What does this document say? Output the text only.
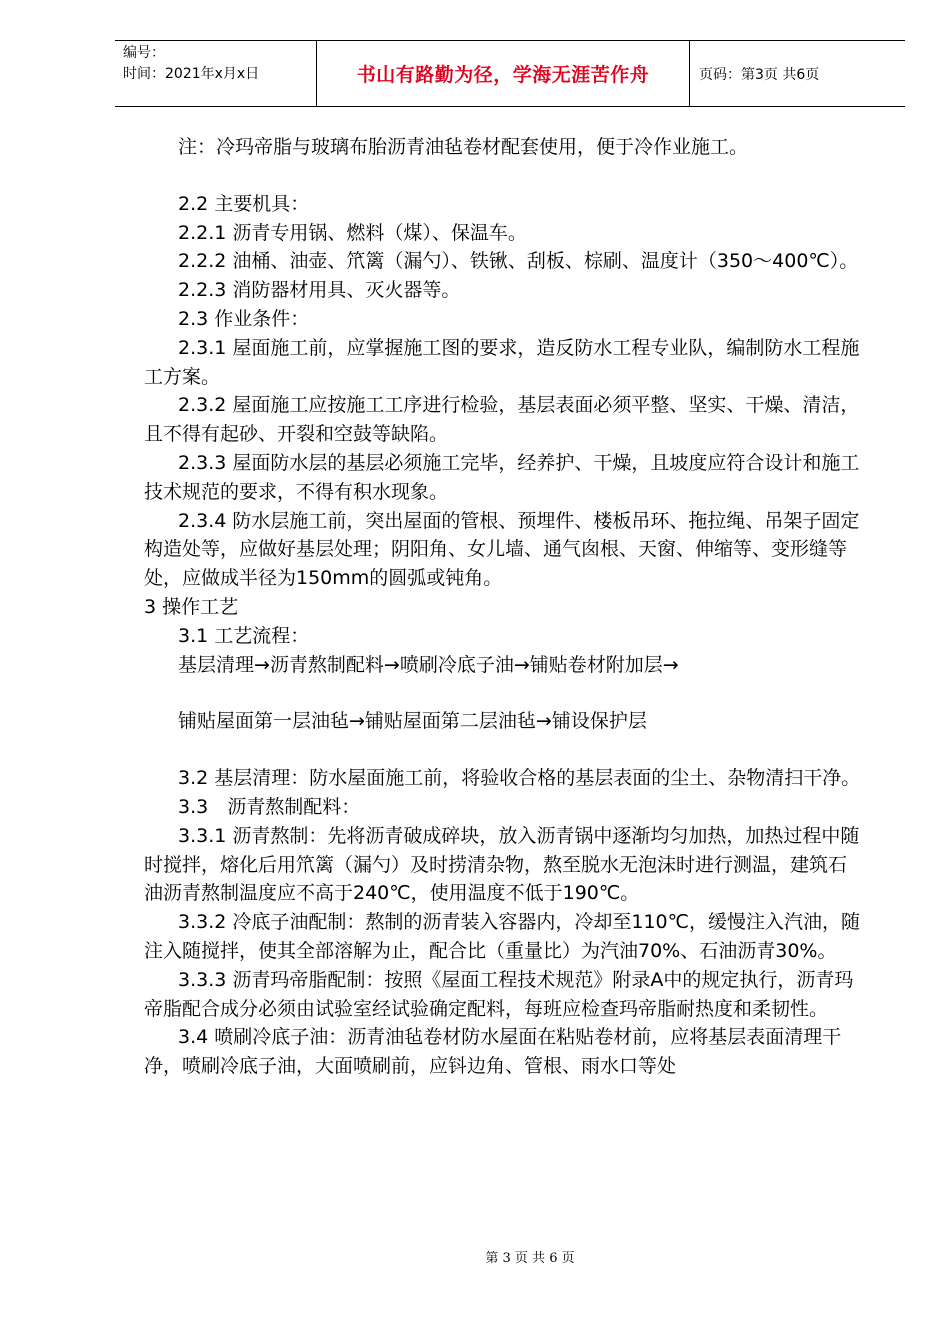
编号：
时间：2021年x月x日	书山有路勤为径，学海无涯苦作舟	页码：第3页 共6页

注：冷玛帝脂与玻璃布胎沥青油毡卷材配套使用，便于冷作业施工。

2.2 主要机具：

2.2.1 沥青专用锅、燃料（煤）、保温车。

2.2.2 油桶、油壶、笊篱（漏勺）、铁锹、刮板、棕刷、温度计（350～400℃）。

2.2.3 消防器材用具、灭火器等。

2.3 作业条件：

2.3.1 屋面施工前，应掌握施工图的要求，造反防水工程专业队，编制防水工程施工方案。

2.3.2 屋面施工应按施工工序进行检验，基层表面必须平整、坚实、干燥、清洁，且不得有起砂、开裂和空鼓等缺陷。

2.3.3 屋面防水层的基层必须施工完毕，经养护、干燥，且坡度应符合设计和施工技术规范的要求，不得有积水现象。

2.3.4 防水层施工前，突出屋面的管根、预埋件、楼板吊环、拖拉绳、吊架子固定构造处等，应做好基层处理；阴阳角、女儿墙、通气囱根、天窗、伸缩等、变形缝等处，应做成半径为150mm的圆弧或钝角。

3 操作工艺

3.1 工艺流程：

基层清理→沥青熬制配料→喷刷冷底子油→铺贴卷材附加层→

铺贴屋面第一层油毡→铺贴屋面第二层油毡→铺设保护层

3.2 基层清理：防水屋面施工前，将验收合格的基层表面的尘土、杂物清扫干净。

3.3　沥青熬制配料：

3.3.1 沥青熬制：先将沥青破成碎块，放入沥青锅中逐渐均匀加热，加热过程中随时搅拌，熔化后用笊篱（漏勺）及时捞清杂物，熬至脱水无泡沫时进行测温，建筑石油沥青熬制温度应不高于240℃，使用温度不低于190℃。

3.3.2 冷底子油配制：熬制的沥青装入容器内，冷却至110℃，缓慢注入汽油，随注入随搅拌，使其全部溶解为止，配合比（重量比）为汽油70%、石油沥青30%。

3.3.3 沥青玛帝脂配制：按照《屋面工程技术规范》附录A中的规定执行，沥青玛帝脂配合成分必须由试验室经试验确定配料，每班应检查玛帝脂耐热度和柔韧性。

3.4 喷刷冷底子油：沥青油毡卷材防水屋面在粘贴卷材前，应将基层表面清理干净，喷刷冷底子油，大面喷刷前，应钭边角、管根、雨水口等处

第 3 页 共 6 页
